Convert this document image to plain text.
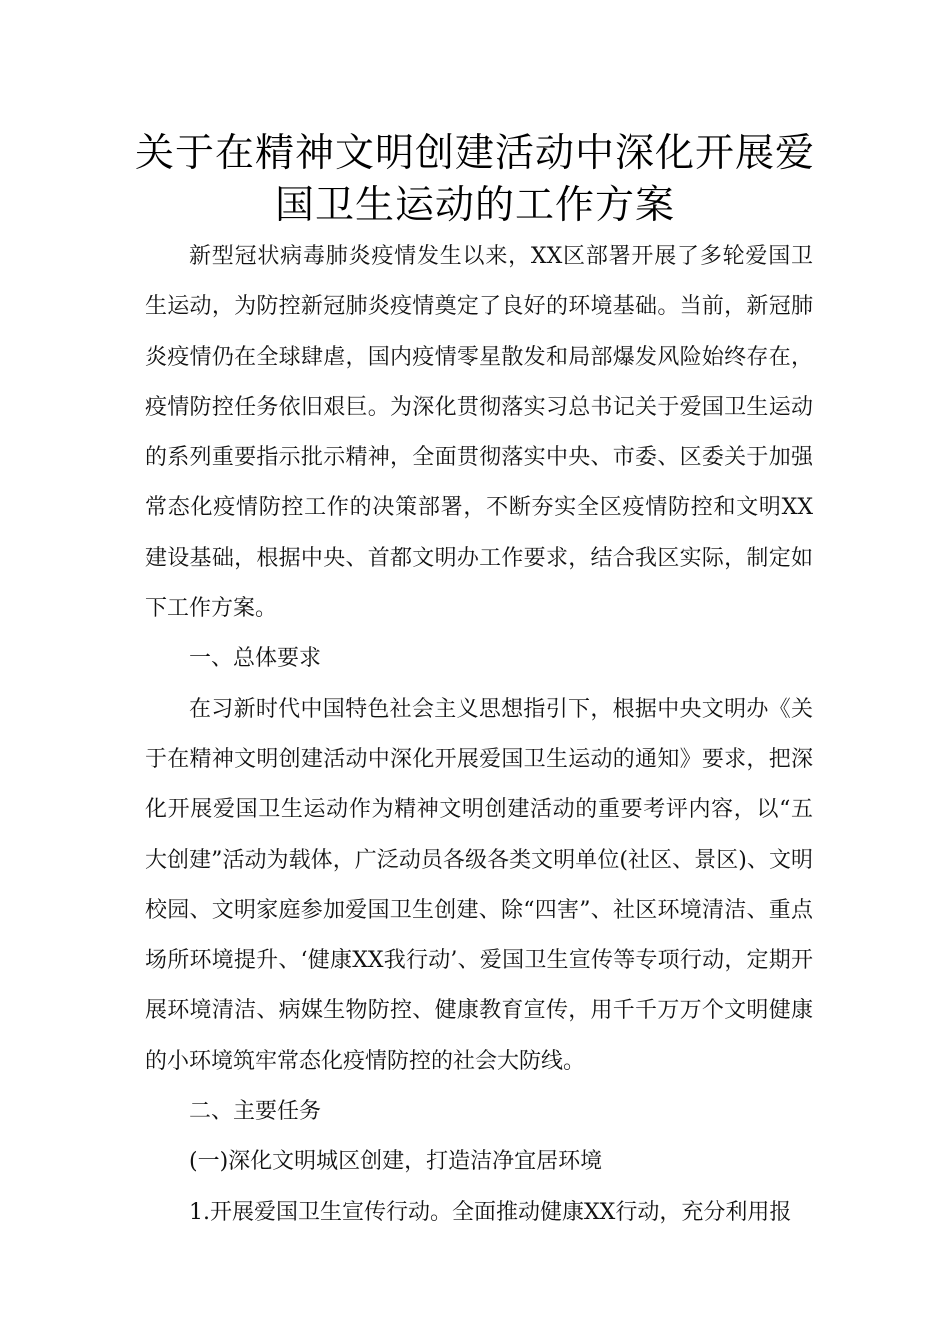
关于在精神文明创建活动中深化开展爱
国卫生运动的工作方案

新型冠状病毒肺炎疫情发生以来，XX区部署开展了多轮爱国卫生运动，为防控新冠肺炎疫情奠定了良好的环境基础。当前，新冠肺炎疫情仍在全球肆虐，国内疫情零星散发和局部爆发风险始终存在，疫情防控任务依旧艰巨。为深化贯彻落实习总书记关于爱国卫生运动的系列重要指示批示精神，全面贯彻落实中央、市委、区委关于加强常态化疫情防控工作的决策部署，不断夯实全区疫情防控和文明XX建设基础，根据中央、首都文明办工作要求，结合我区实际，制定如下工作方案。

一、总体要求

在习新时代中国特色社会主义思想指引下，根据中央文明办《关于在精神文明创建活动中深化开展爱国卫生运动的通知》要求，把深化开展爱国卫生运动作为精神文明创建活动的重要考评内容，以“五大创建”活动为载体，广泛动员各级各类文明单位(社区、景区)、文明校园、文明家庭参加爱国卫生创建、除“四害”、社区环境清洁、重点场所环境提升、‘健康XX我行动’、爱国卫生宣传等专项行动，定期开展环境清洁、病媒生物防控、健康教育宣传，用千千万万个文明健康的小环境筑牢常态化疫情防控的社会大防线。

二、主要任务

(一)深化文明城区创建，打造洁净宜居环境

1.开展爱国卫生宣传行动。全面推动健康XX行动，充分利用报
